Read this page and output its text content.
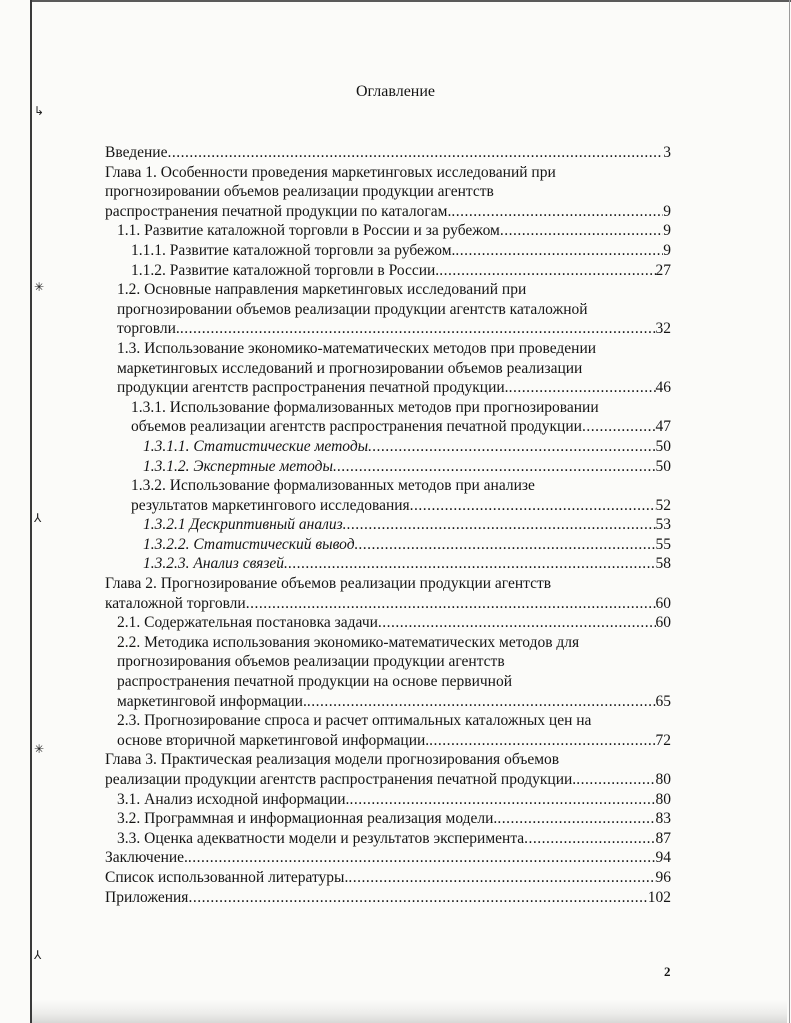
↳
✳
⅄
✳
⅄
Оглавление
Введение .....	3
Глава 1. Особенности проведения маркетинговых исследований при
прогнозировании объемов реализации продукции агентств
распространения печатной продукции по каталогам. .....	9
1.1. Развитие каталожной торговли в России и за рубежом .....	9
1.1.1. Развитие каталожной торговли за рубежом. .....	9
1.1.2. Развитие каталожной торговли в России. .....	27
1.2. Основные направления маркетинговых исследований при
прогнозировании объемов реализации продукции агентств каталожной
торговли. .....	32
1.3. Использование экономико-математических методов при проведении
маркетинговых исследований и прогнозировании объемов реализации
продукции агентств распространения печатной продукции. .....	46
1.3.1. Использование формализованных методов при прогнозировании
объемов реализации агентств распространения печатной продукции .....	47
1.3.1.1. Статистические методы. .....	50
1.3.1.2. Экспертные методы. .....	50
1.3.2. Использование формализованных методов при анализе
результатов маркетингового исследования .....	52
1.3.2.1 Дескриптивный анализ. .....	53
1.3.2.2. Статистический вывод. .....	55
1.3.2.3. Анализ связей. .....	58
Глава 2. Прогнозирование объемов реализации продукции агентств
каталожной торговли .....	60
2.1. Содержательная постановка задачи .....	60
2.2. Методика использования экономико-математических методов для
прогнозирования объемов реализации продукции агентств
распространения печатной продукции на основе первичной
маркетинговой информации. .....	65
2.3. Прогнозирование спроса и расчет оптимальных каталожных цен на
основе вторичной маркетинговой информации. .....	72
Глава 3. Практическая реализация модели прогнозирования объемов
реализации продукции агентств распространения печатной продукции. .....	80
3.1. Анализ исходной информации. .....	80
3.2. Программная и информационная реализация модели. .....	83
3.3. Оценка адекватности модели и результатов эксперимента .....	87
Заключение. .....	94
Список использованной литературы. .....	96
Приложения .....	102
2
